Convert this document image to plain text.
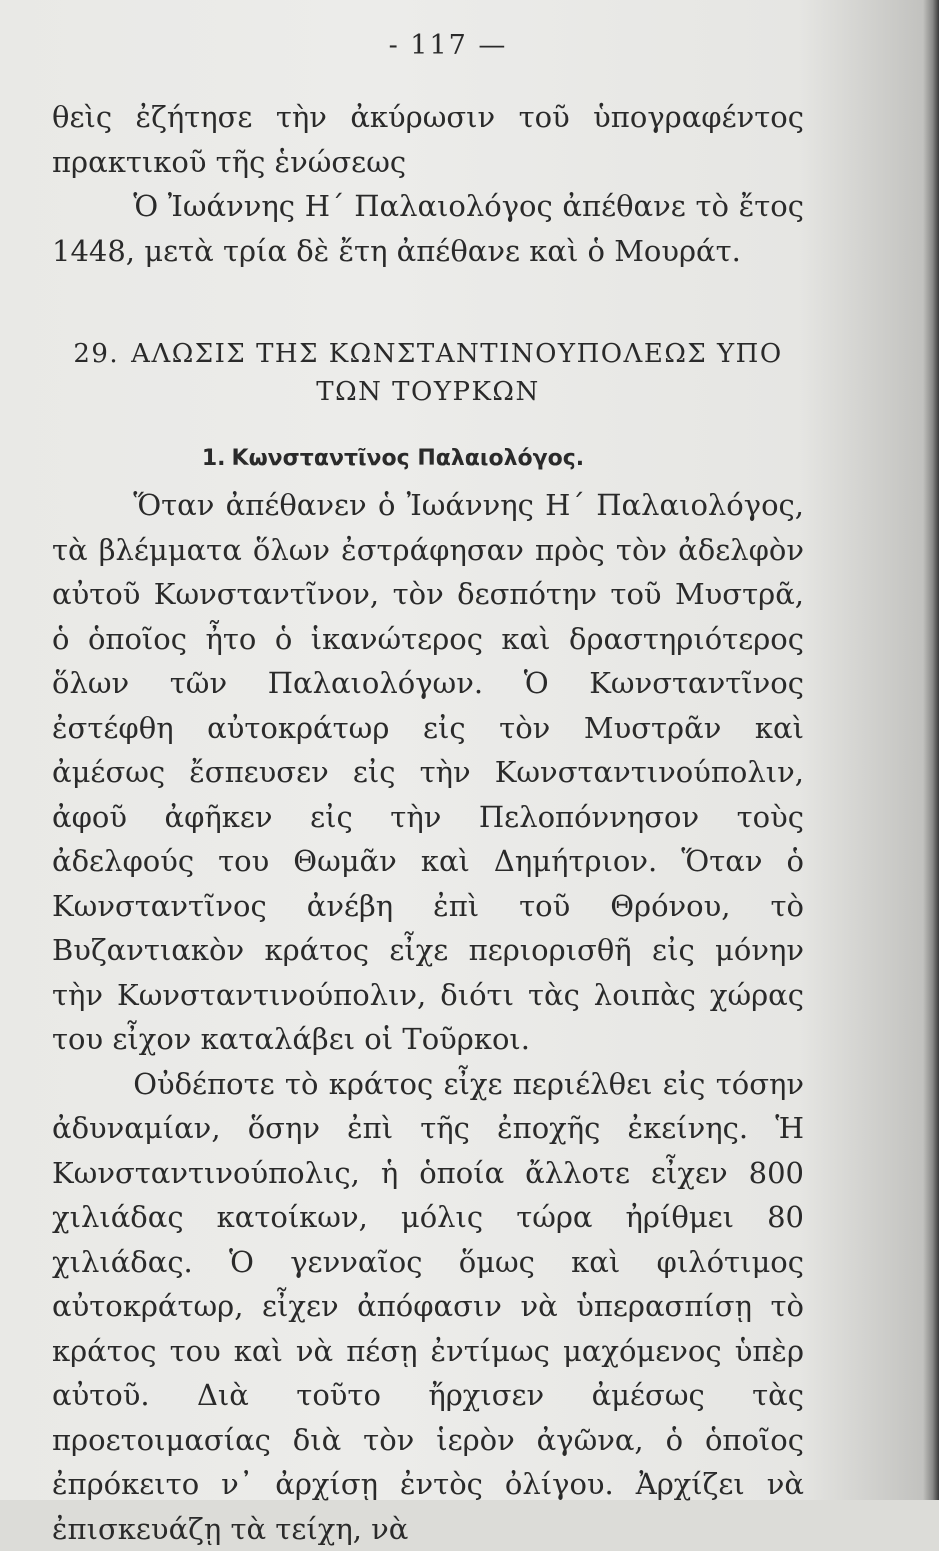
- 117 —

θεὶς ἐζήτησε τὴν ἀκύρωσιν τοῦ ὑπογραφέντος πρακτικοῦ τῆς ἑνώσεως

Ὁ Ἰωάννης Η΄ Παλαιολόγος ἀπέθανε τὸ ἔτος 1448, μετὰ τρία δὲ ἔτη ἀπέθανε καὶ ὁ Μουράτ.

29. ΑΛΩΣΙΣ ΤΗΣ ΚΩΝΣΤΑΝΤΙΝΟΥΠΟΛΕΩΣ ΥΠΟ ΤΩΝ ΤΟΥΡΚΩΝ
1. Κωνσταντῖνος Παλαιολόγος.

Ὅταν ἀπέθανεν ὁ Ἰωάννης Η΄ Παλαιολόγος, τὰ βλέμματα ὅλων ἐστράφησαν πρὸς τὸν ἀδελφὸν αὐτοῦ Κωνσταντῖνον, τὸν δεσπότην τοῦ Μυστρᾶ, ὁ ὁποῖος ἦτο ὁ ἱκανώτερος καὶ δραστηριότερος ὅλων τῶν Παλαιολόγων. Ὁ Κωνσταντῖνος ἐστέφθη αὐτοκράτωρ εἰς τὸν Μυστρᾶν καὶ ἀμέσως ἔσπευσεν εἰς τὴν Κωνσταντινούπολιν, ἀφοῦ ἀφῆκεν εἰς τὴν Πελοπόννησον τοὺς ἀδελφούς του Θωμᾶν καὶ Δημήτριον. Ὅταν ὁ Κωνσταντῖνος ἀνέβη ἐπὶ τοῦ Θρόνου, τὸ Βυζαντιακὸν κράτος εἶχε περιορισθῆ εἰς μόνην τὴν Κωνσταντινούπολιν, διότι τὰς λοιπὰς χώρας του εἶχον καταλάβει οἱ Τοῦρκοι.

Οὐδέποτε τὸ κράτος εἶχε περιέλθει εἰς τόσην ἀδυναμίαν, ὅσην ἐπὶ τῆς ἐποχῆς ἐκείνης. Ἡ Κωνσταντινούπολις, ἡ ὁποία ἄλλοτε εἶχεν 800 χιλιάδας κατοίκων, μόλις τώρα ἠρίθμει 80 χιλιάδας. Ὁ γενναῖος ὅμως καὶ φιλότιμος αὐτοκράτωρ, εἶχεν ἀπόφασιν νὰ ὑπερασπίσῃ τὸ κράτος του καὶ νὰ πέσῃ ἐντίμως μαχόμενος ὑπὲρ αὐτοῦ. Διὰ τοῦτο ἤρχισεν ἀμέσως τὰς προετοιμασίας διὰ τὸν ἱερὸν ἀγῶνα, ὁ ὁποῖος ἐπρόκειτο ν᾽ ἀρχίσῃ ἐντὸς ὀλίγου. Ἀρχίζει νὰ ἐπισκευάζῃ τὰ τείχη, νὰ
